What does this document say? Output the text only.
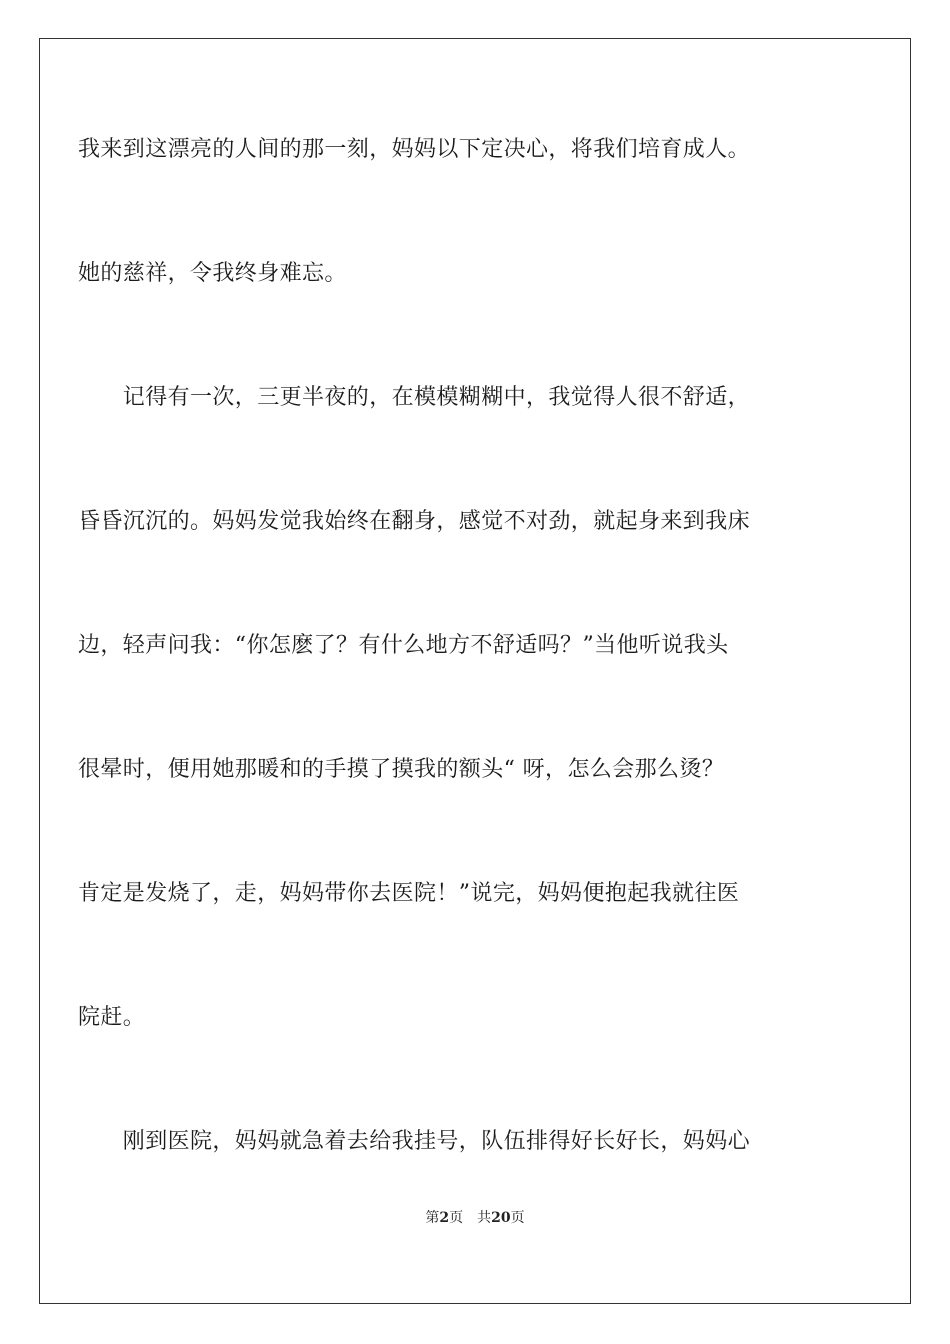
我来到这漂亮的人间的那一刻，妈妈以下定决心，将我们培育成人。
她的慈祥，令我终身难忘。
　　记得有一次，三更半夜的，在模模糊糊中，我觉得人很不舒适，
昏昏沉沉的。妈妈发觉我始终在翻身，感觉不对劲，就起身来到我床
边，轻声问我：“你怎麽了？有什么地方不舒适吗？”当他听说我头
很晕时，便用她那暖和的手摸了摸我的额头“ 呀，怎么会那么烫？
肯定是发烧了，走，妈妈带你去医院！”说完，妈妈便抱起我就往医
院赶。
　　刚到医院，妈妈就急着去给我挂号，队伍排得好长好长，妈妈心
第2页 共20页
